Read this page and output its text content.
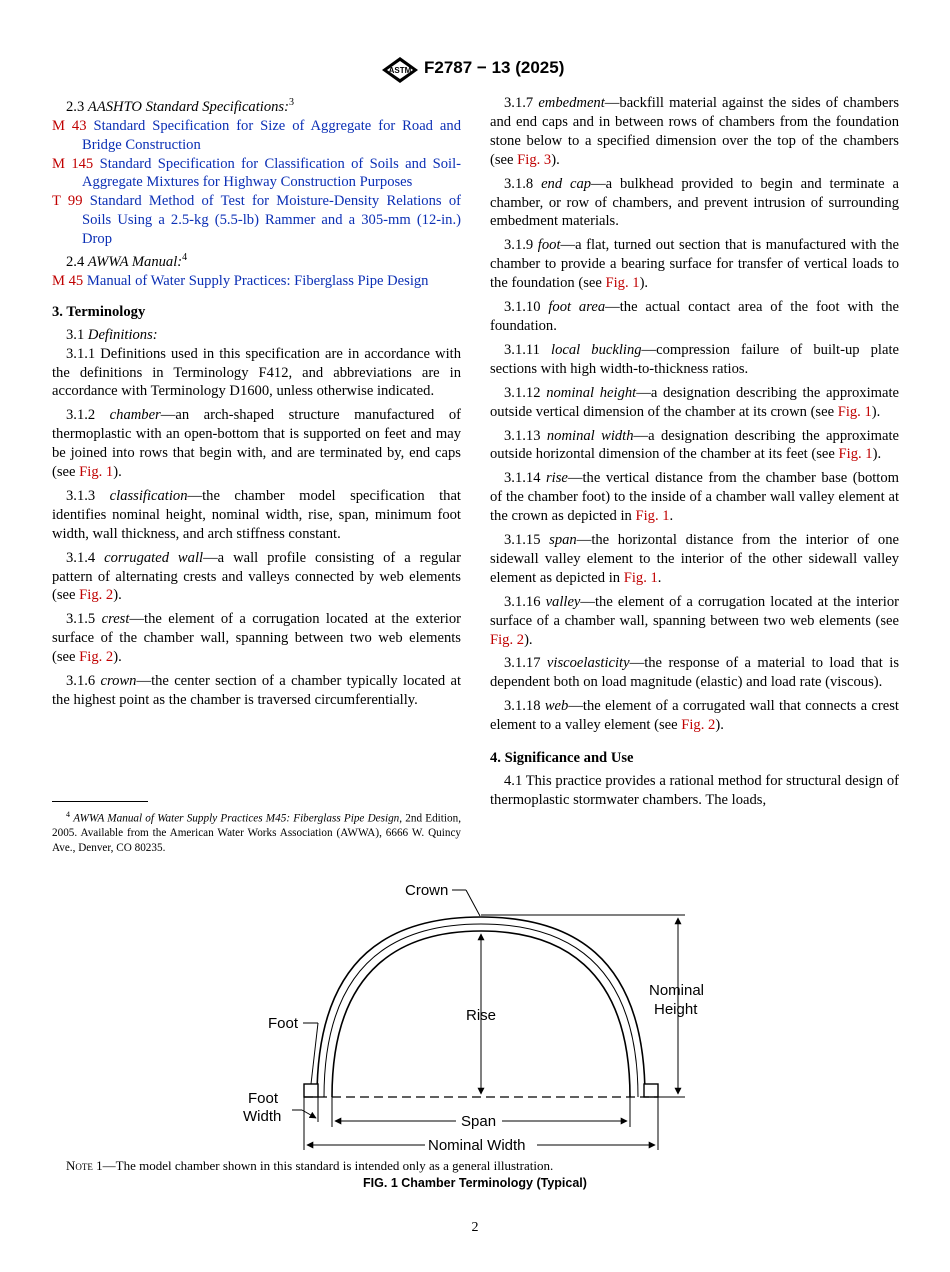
ASTM F2787 − 13 (2025)

2.3 AASHTO Standard Specifications:$^3$

M 43 Standard Specification for Size of Aggregate for Road and Bridge Construction

M 145 Standard Specification for Classification of Soils and Soil-Aggregate Mixtures for Highway Construction Purposes

T 99 Standard Method of Test for Moisture-Density Relations of Soils Using a 2.5-kg (5.5-lb) Rammer and a 305-mm (12-in.) Drop

2.4 AWWA Manual:$^4$

M 45 Manual of Water Supply Practices: Fiberglass Pipe Design

3. Terminology

3.1 Definitions:

3.1.1 Definitions used in this specification are in accordance with the definitions in Terminology F412, and abbreviations are in accordance with Terminology D1600, unless otherwise indicated.

3.1.2 chamber—an arch-shaped structure manufactured of thermoplastic with an open-bottom that is supported on feet and may be joined into rows that begin with, and are terminated by, end caps (see Fig. 1).

3.1.3 classification—the chamber model specification that identifies nominal height, nominal width, rise, span, minimum foot width, wall thickness, and arch stiffness constant.

3.1.4 corrugated wall—a wall profile consisting of a regular pattern of alternating crests and valleys connected by web elements (see Fig. 2).

3.1.5 crest—the element of a corrugation located at the exterior surface of the chamber wall, spanning between two web elements (see Fig. 2).

3.1.6 crown—the center section of a chamber typically located at the highest point as the chamber is traversed circumferentially.

$^4$ AWWA Manual of Water Supply Practices M45: Fiberglass Pipe Design, 2nd Edition, 2005. Available from the American Water Works Association (AWWA), 6666 W. Quincy Ave., Denver, CO 80235.

3.1.7 embedment—backfill material against the sides of chambers and end caps and in between rows of chambers from the foundation stone below to a specified dimension over the top of the chambers (see Fig. 3).

3.1.8 end cap—a bulkhead provided to begin and terminate a chamber, or row of chambers, and prevent intrusion of surrounding embedment materials.

3.1.9 foot—a flat, turned out section that is manufactured with the chamber to provide a bearing surface for transfer of vertical loads to the foundation (see Fig. 1).

3.1.10 foot area—the actual contact area of the foot with the foundation.

3.1.11 local buckling—compression failure of built-up plate sections with high width-to-thickness ratios.

3.1.12 nominal height—a designation describing the approximate outside vertical dimension of the chamber at its crown (see Fig. 1).

3.1.13 nominal width—a designation describing the approximate outside horizontal dimension of the chamber at its feet (see Fig. 1).

3.1.14 rise—the vertical distance from the chamber base (bottom of the chamber foot) to the inside of a chamber wall valley element at the crown as depicted in Fig. 1.

3.1.15 span—the horizontal distance from the interior of one sidewall valley element to the interior of the other sidewall valley element as depicted in Fig. 1.

3.1.16 valley—the element of a corrugation located at the interior surface of a chamber wall, spanning between two web elements (see Fig. 2).

3.1.17 viscoelasticity—the response of a material to load that is dependent both on load magnitude (elastic) and load rate (viscous).

3.1.18 web—the element of a corrugated wall that connects a crest element to a valley element (see Fig. 2).

4. Significance and Use

4.1 This practice provides a rational method for structural design of thermoplastic stormwater chambers. The loads,

Crown
Foot	Rise
Nominal
Height
Foot
Width	Span
Nominal Width
Note 1—The model chamber shown in this standard is intended only as a general illustration.
FIG. 1 Chamber Terminology (Typical)
2
